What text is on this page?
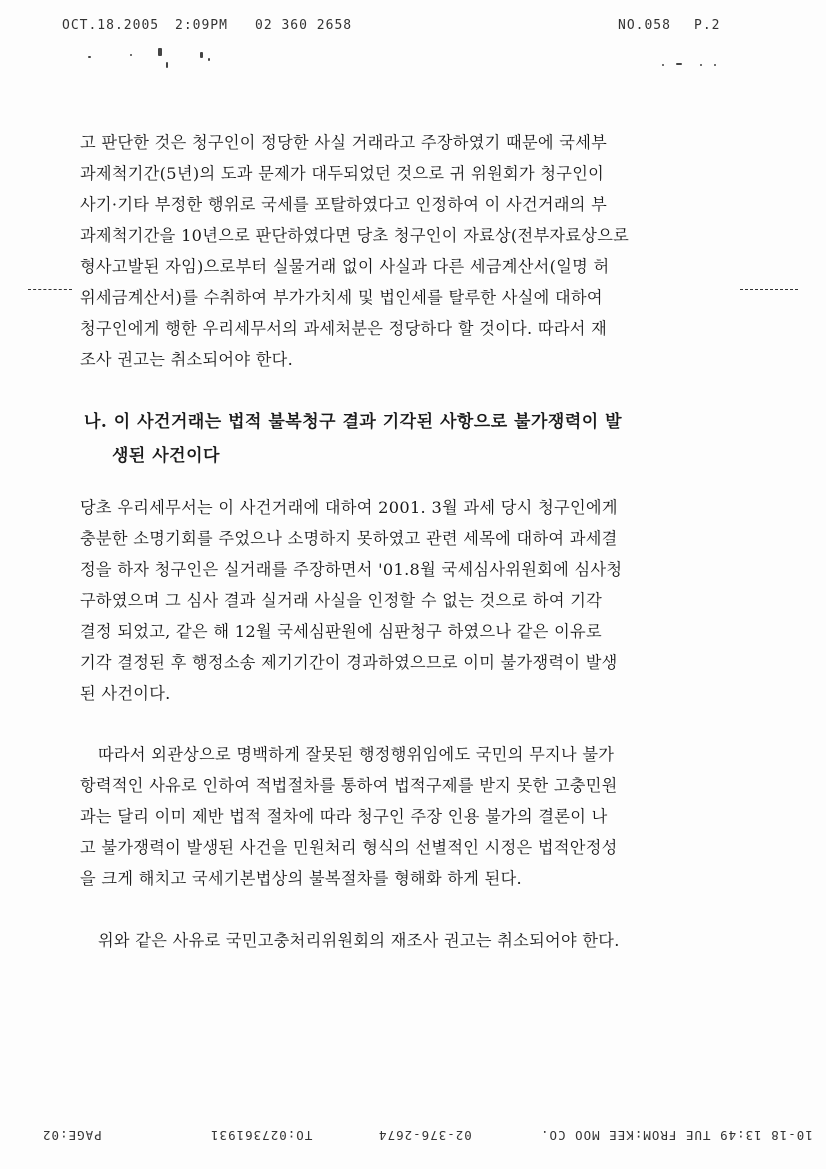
OCT.18.2005 2:09PM 02 360 2658	NO.058 P.2
고 판단한 것은 청구인이 정당한 사실 거래라고 주장하였기 때문에 국세부
과제척기간(5년)의 도과 문제가 대두되었던 것으로 귀 위원회가 청구인이
사기·기타 부정한 행위로 국세를 포탈하였다고 인정하여 이 사건거래의 부
과제척기간을 10년으로 판단하였다면 당초 청구인이 자료상(전부자료상으로
형사고발된 자임)으로부터 실물거래 없이 사실과 다른 세금계산서(일명 허
위세금계산서)를 수취하여 부가가치세 및 법인세를 탈루한 사실에 대하여
청구인에게 행한 우리세무서의 과세처분은 정당하다 할 것이다. 따라서 재
조사 권고는 취소되어야 한다.
나. 이 사건거래는 법적 불복청구 결과 기각된 사항으로 불가쟁력이 발
생된 사건이다
당초 우리세무서는 이 사건거래에 대하여 2001. 3월 과세 당시 청구인에게
충분한 소명기회를 주었으나 소명하지 못하였고 관련 세목에 대하여 과세결
정을 하자 청구인은 실거래를 주장하면서 '01.8월 국세심사위원회에 심사청
구하였으며 그 심사 결과 실거래 사실을 인정할 수 없는 것으로 하여 기각
결정 되었고, 같은 해 12월 국세심판원에 심판청구 하였으나 같은 이유로
기각 결정된 후 행정소송 제기기간이 경과하였으므로 이미 불가쟁력이 발생
된 사건이다.
따라서 외관상으로 명백하게 잘못된 행정행위임에도 국민의 무지나 불가
항력적인 사유로 인하여 적법절차를 통하여 법적구제를 받지 못한 고충민원
과는 달리 이미 제반 법적 절차에 따라 청구인 주장 인용 불가의 결론이 나
고 불가쟁력이 발생된 사건을 민원처리 형식의 선별적인 시정은 법적안정성
을 크게 해치고 국세기본법상의 불복절차를 형해화 하게 된다.
위와 같은 사유로 국민고충처리위원회의 재조사 권고는 취소되어야 한다.
PAGE:02	TO:027361931	02-376-2674	10-18 13:49 TUE FROM:KEE MOO CO.
